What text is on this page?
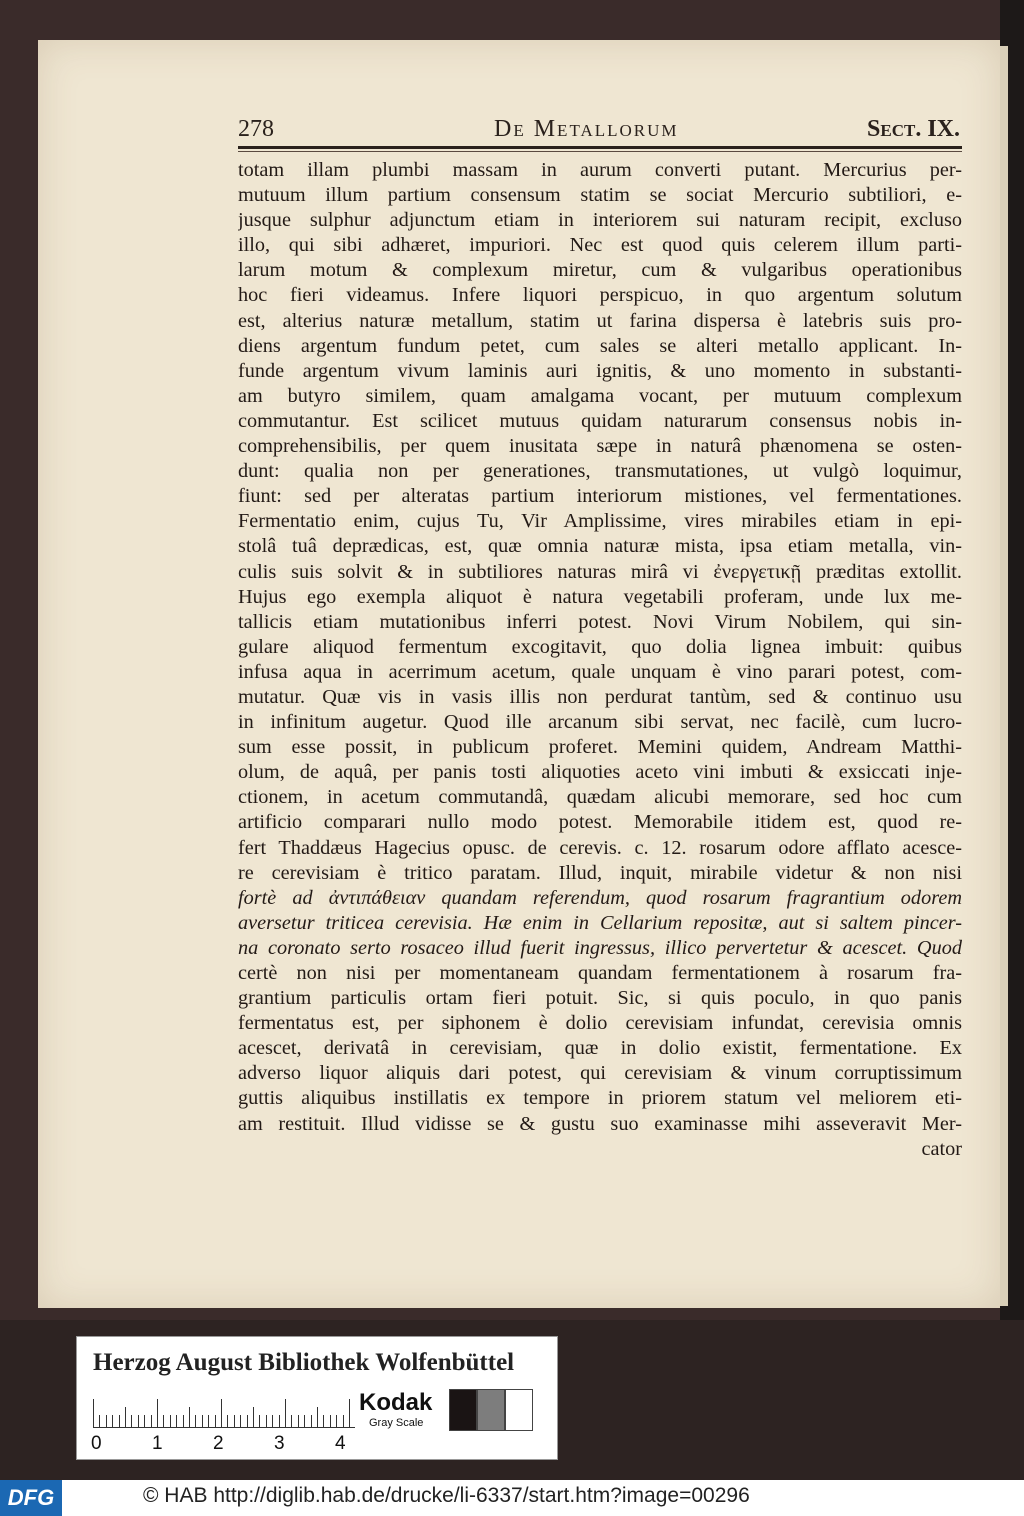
278	De Metallorum	Sect. IX.
totam illam plumbi massam in aurum converti putant. Mercurius per-
mutuum illum partium consensum statim se sociat Mercurio subtiliori, e-
jusque sulphur adjunctum etiam in interiorem sui naturam recipit, excluso
illo, qui sibi adhæret, impuriori. Nec est quod quis celerem illum parti-
larum motum & complexum miretur, cum & vulgaribus operationibus
hoc fieri videamus. Infere liquori perspicuo, in quo argentum solutum
est, alterius naturæ metallum, statim ut farina dispersa è latebris suis pro-
diens argentum fundum petet, cum sales se alteri metallo applicant. In-
funde argentum vivum laminis auri ignitis, & uno momento in substanti-
am butyro similem, quam amalgama vocant, per mutuum complexum
commutantur. Est scilicet mutuus quidam naturarum consensus nobis in-
comprehensibilis, per quem inusitata sæpe in naturâ phænomena se osten-
dunt: qualia non per generationes, transmutationes, ut vulgò loquimur,
fiunt: sed per alteratas partium interiorum mistiones, vel fermentationes.
Fermentatio enim, cujus Tu, Vir Amplissime, vires mirabiles etiam in epi-
stolâ tuâ deprædicas, est, quæ omnia naturæ mista, ipsa etiam metalla, vin-
culis suis solvit & in subtiliores naturas mirâ vi ἐνεργετικῇ præditas extollit.
Hujus ego exempla aliquot è natura vegetabili proferam, unde lux me-
tallicis etiam mutationibus inferri potest. Novi Virum Nobilem, qui sin-
gulare aliquod fermentum excogitavit, quo dolia lignea imbuit: quibus
infusa aqua in acerrimum acetum, quale unquam è vino parari potest, com-
mutatur. Quæ vis in vasis illis non perdurat tantùm, sed & continuo usu
in infinitum augetur. Quod ille arcanum sibi servat, nec facilè, cum lucro-
sum esse possit, in publicum proferet. Memini quidem, Andream Matthi-
olum, de aquâ, per panis tosti aliquoties aceto vini imbuti & exsiccati inje-
ctionem, in acetum commutandâ, quædam alicubi memorare, sed hoc cum
artificio comparari nullo modo potest. Memorabile itidem est, quod re-
fert Thaddæus Hagecius opusc. de cerevis. c. 12. rosarum odore afflato acesce-
re cerevisiam è tritico paratam. Illud, inquit, mirabile videtur & non nisi
fortè ad ἀντιπάθειαν quandam referendum, quod rosarum fragrantium odorem
aversetur triticea cerevisia. Hæ enim in Cellarium repositæ, aut si saltem pincer-
na coronato serto rosaceo illud fuerit ingressus, illico pervertetur & acescet. Quod
certè non nisi per momentaneam quandam fermentationem à rosarum fra-
grantium particulis ortam fieri potuit. Sic, si quis poculo, in quo panis
fermentatus est, per siphonem è dolio cerevisiam infundat, cerevisia omnis
acescet, derivatâ in cerevisiam, quæ in dolio existit, fermentatione. Ex
adverso liquor aliquis dari potest, qui cerevisiam & vinum corruptissimum
guttis aliquibus instillatis ex tempore in priorem statum vel meliorem eti-
am restituit. Illud vidisse se & gustu suo examinasse mihi asseveravit Mer-
cator
Herzog August Bibliothek Wolfenbüttel
0	1	2	3	4
Kodak
Gray Scale
DFG	© HAB http://diglib.hab.de/drucke/li-6337/start.htm?image=00296
